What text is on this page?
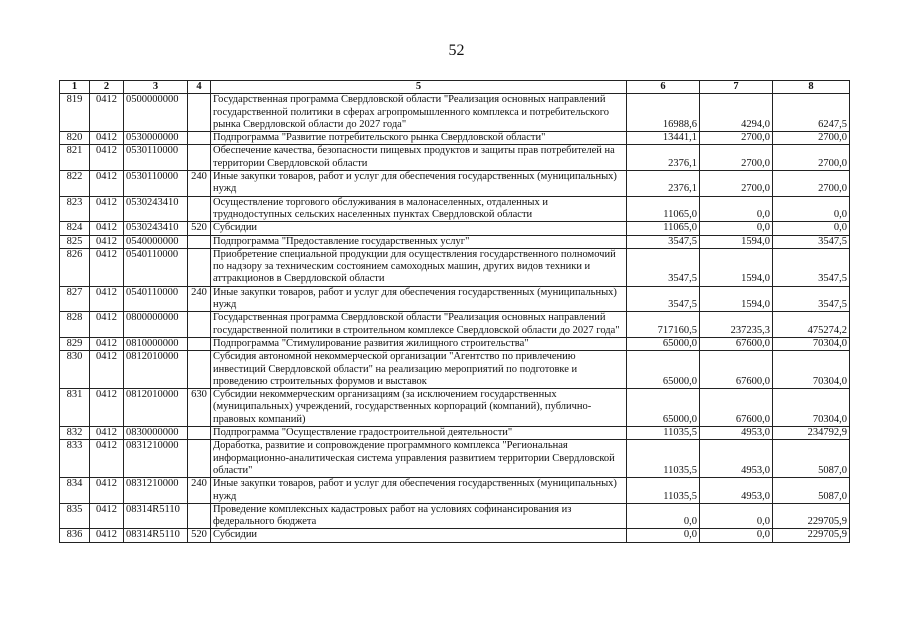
52
1	2	3	4	5	6	7	8
819	0412	0500000000		Государственная программа Свердловской области "Реализация основных направлений государственной политики в сферах агропромышленного комплекса и потребительского рынка Свердловской области до 2027 года"	16988,6	4294,0	6247,5
820	0412	0530000000		Подпрограмма "Развитие потребительского рынка Свердловской области"	13441,1	2700,0	2700,0
821	0412	0530110000		Обеспечение качества, безопасности пищевых продуктов и защиты прав потребителей на территории Свердловской области	2376,1	2700,0	2700,0
822	0412	0530110000	240	Иные закупки товаров, работ и услуг для обеспечения государственных (муниципальных) нужд	2376,1	2700,0	2700,0
823	0412	0530243410		Осуществление торгового обслуживания в малонаселенных, отдаленных и труднодоступных сельских населенных пунктах Свердловской области	11065,0	0,0	0,0
824	0412	0530243410	520	Субсидии	11065,0	0,0	0,0
825	0412	0540000000		Подпрограмма "Предоставление государственных услуг"	3547,5	1594,0	3547,5
826	0412	0540110000		Приобретение специальной продукции для осуществления государственного полномочий по надзору за техническим состоянием самоходных машин, других видов техники и аттракционов в Свердловской области	3547,5	1594,0	3547,5
827	0412	0540110000	240	Иные закупки товаров, работ и услуг для обеспечения государственных (муниципальных) нужд	3547,5	1594,0	3547,5
828	0412	0800000000		Государственная программа Свердловской области "Реализация основных направлений государственной политики в строительном комплексе Свердловской области до 2027 года"	717160,5	237235,3	475274,2
829	0412	0810000000		Подпрограмма "Стимулирование развития жилищного строительства"	65000,0	67600,0	70304,0
830	0412	0812010000		Субсидия автономной некоммерческой организации "Агентство по привлечению инвестиций Свердловской области" на реализацию мероприятий по подготовке и проведению строительных форумов и выставок	65000,0	67600,0	70304,0
831	0412	0812010000	630	Субсидии некоммерческим организациям (за исключением государственных (муниципальных) учреждений, государственных корпораций (компаний), публично-правовых компаний)	65000,0	67600,0	70304,0
832	0412	0830000000		Подпрограмма "Осуществление градостроительной деятельности"	11035,5	4953,0	234792,9
833	0412	0831210000		Доработка, развитие и сопровождение программного комплекса "Региональная информационно-аналитическая система управления развитием территории Свердловской области"	11035,5	4953,0	5087,0
834	0412	0831210000	240	Иные закупки товаров, работ и услуг для обеспечения государственных (муниципальных) нужд	11035,5	4953,0	5087,0
835	0412	08314R5110		Проведение комплексных кадастровых работ на условиях софинансирования из федерального бюджета	0,0	0,0	229705,9
836	0412	08314R5110	520	Субсидии	0,0	0,0	229705,9
